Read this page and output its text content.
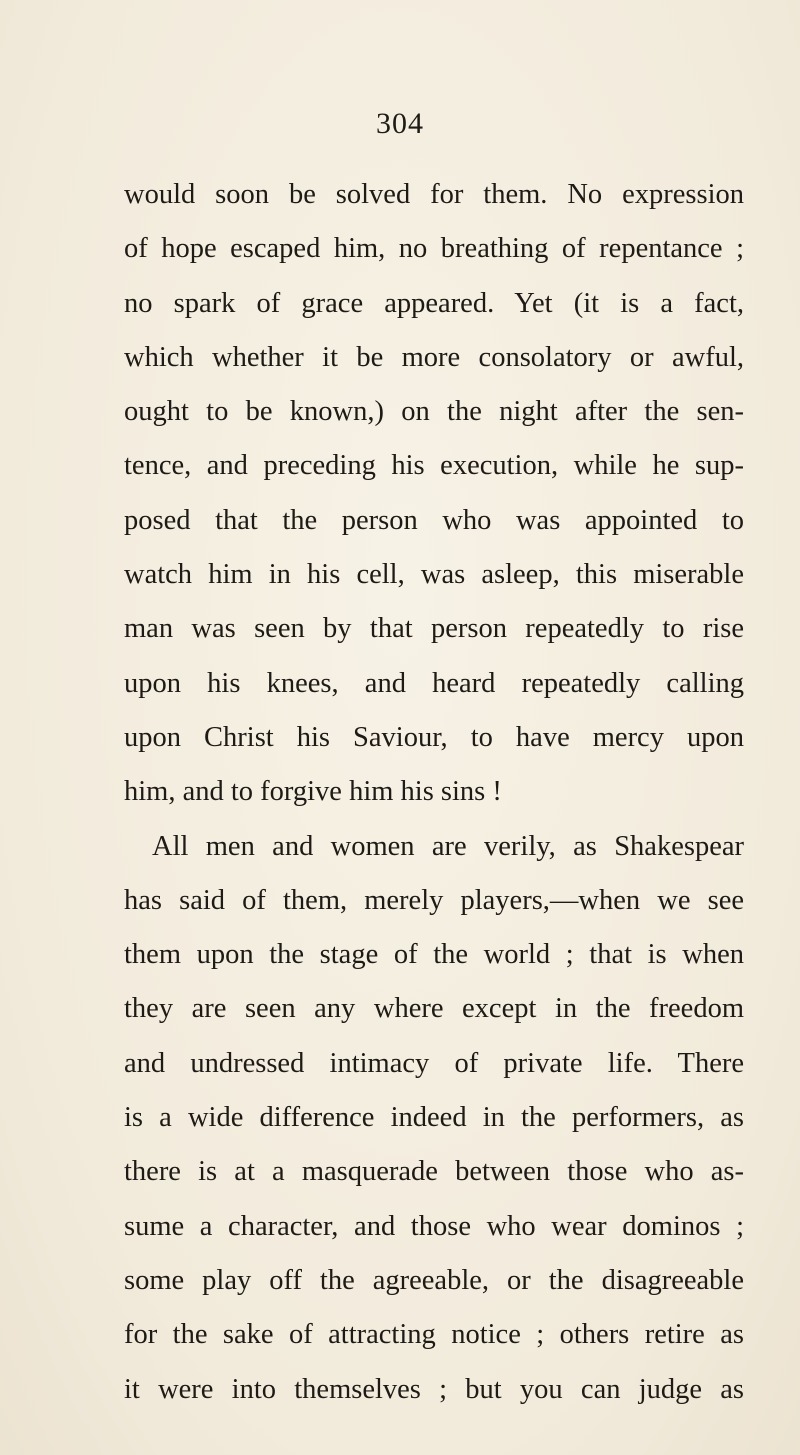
304
would soon be solved for them. No expression
of hope escaped him, no breathing of repentance ;
no spark of grace appeared. Yet (it is a fact,
which whether it be more consolatory or awful,
ought to be known,) on the night after the sen-
tence, and preceding his execution, while he sup-
posed that the person who was appointed to
watch him in his cell, was asleep, this miserable
man was seen by that person repeatedly to rise
upon his knees, and heard repeatedly calling
upon Christ his Saviour, to have mercy upon
him, and to forgive him his sins !
All men and women are verily, as Shakespear
has said of them, merely players,—when we see
them upon the stage of the world ; that is when
they are seen any where except in the freedom
and undressed intimacy of private life. There
is a wide difference indeed in the performers, as
there is at a masquerade between those who as-
sume a character, and those who wear dominos ;
some play off the agreeable, or the disagreeable
for the sake of attracting notice ; others retire as
it were into themselves ; but you can judge as
